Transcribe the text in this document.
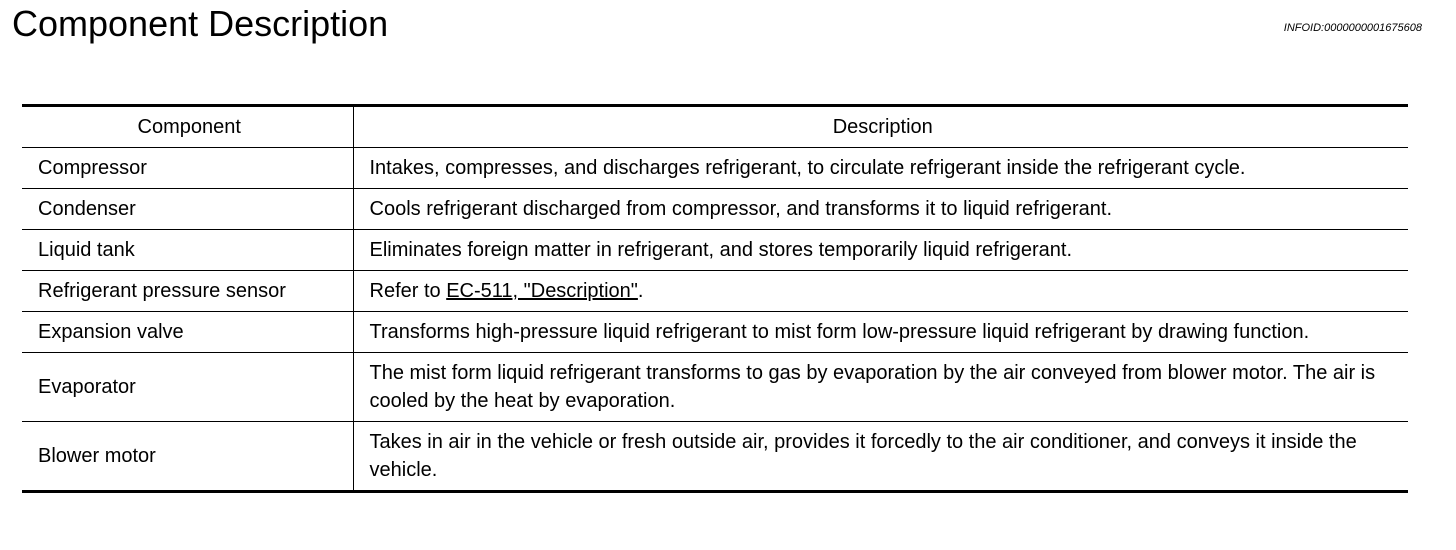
Component Description	INFOID:0000000001675608
Component	Description
Compressor	Intakes, compresses, and discharges refrigerant, to circulate refrigerant inside the refrigerant cycle.
Condenser	Cools refrigerant discharged from compressor, and transforms it to liquid refrigerant.
Liquid tank	Eliminates foreign matter in refrigerant, and stores temporarily liquid refrigerant.
Refrigerant pressure sensor	Refer to EC-511, "Description".
Expansion valve	Transforms high-pressure liquid refrigerant to mist form low-pressure liquid refrigerant by drawing function.
Evaporator	The mist form liquid refrigerant transforms to gas by evaporation by the air conveyed from blower motor. The air is cooled by the heat by evaporation.
Blower motor	Takes in air in the vehicle or fresh outside air, provides it forcedly to the air conditioner, and conveys it inside the vehicle.
